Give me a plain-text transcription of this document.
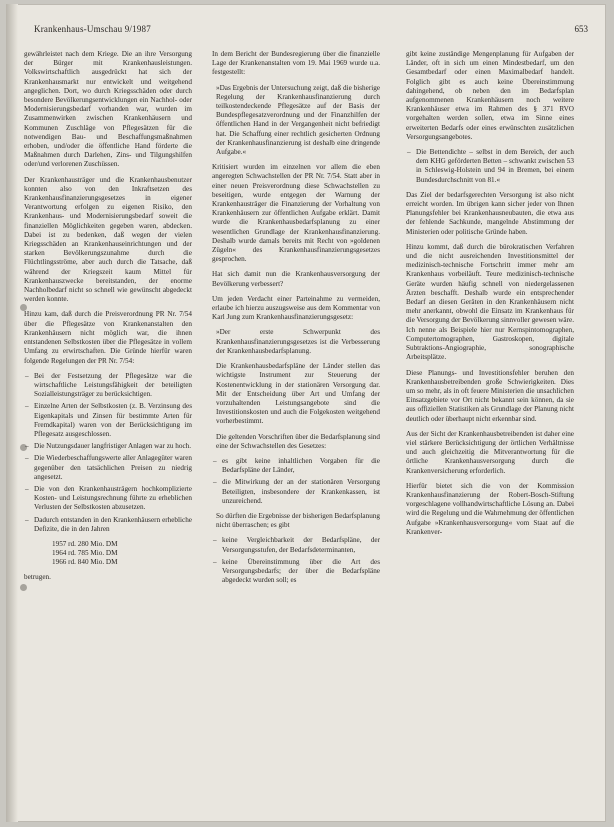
Krankenhaus-Umschau 9/1987	653

gewährleistet nach dem Kriege. Die an ihre Versorgung der Bürger mit Krankenhausleistungen. Volkswirtschaftlich ausgedrückt hat sich der Krankenhausmarkt nur entwickelt und weitgehend angeglichen. Dort, wo durch Kriegsschäden oder durch besondere Bevölkerungsentwicklungen ein Nachhol- oder Modernisierungsbedarf vorhanden war, wurden im Zusammenwirken zwischen Krankenhäusern und Kommunen Zuschläge von Pflegesätzen für die notwendigen Bau- und Beschaffungsmaßnahmen erhoben, und/oder die öffentliche Hand förderte die Maßnahmen durch Darlehen, Zins- und Tilgungshilfen oder/und verlorenen Zuschüssen.

Der Krankenhausträger und die Krankenhausbenutzer konnten also von den Inkraftsetzen des Krankenhausfinanzierungsgesetzes in eigener Verantwortung erfolgen zu eigenen Risiko, den Krankenhaus- und Modernisierungsbedarf soweit die finanziellen Möglichkeiten gegeben waren, abdecken. Dabei ist zu bedenken, daß wegen der vielen Kriegsschäden an Krankenhauseinrichtungen und der starken Bevölkerungszunahme durch die Flüchtlingsströme, aber auch durch die Tatsache, daß während der Kriegszeit kaum Mittel für Krankenhauszwecke bereitstanden, der enorme Nachholbedarf nicht so schnell wie gewünscht abgedeckt werden konnte.

Hinzu kam, daß durch die Preisverordnung PR Nr. 7/54 über die Pflegesätze von Krankenanstalten den Krankenhäusern nicht möglich war, die ihnen entstandenen Selbstkosten über die Pflegesätze in vollem Umfang zu erwirtschaften. Die Gründe hierfür waren folgende Regelungen der PR Nr. 7/54:

– Bei der Festsetzung der Pflegesätze war die wirtschaftliche Leistungsfähigkeit der beteiligten Sozialleistungsträger zu berücksichtigen.
– Einzelne Arten der Selbstkosten (z. B. Verzinsung des Eigenkapitals und Zinsen für bestimmte Arten für Fremdkapital) waren von der Berücksichtigung im Pflegesatz ausgeschlossen.
– Die Nutzungsdauer langfristiger Anlagen war zu hoch.
– Die Wiederbeschaffungswerte aller Anlagegüter waren gegenüber den tatsächlichen Preisen zu niedrig angesetzt.
– Die von den Krankenhausträgern hochkomplizierte Kosten- und Leistungsrechnung führte zu erheblichen Verlusten der Selbstkosten abzusetzen.
– Dadurch entstanden in den Krankenhäusern erhebliche Defizite, die in den Jahren
1957 rd. 280 Mio. DM
1964 rd. 785 Mio. DM
1966 rd. 840 Mio. DM

betrugen.

In dem Bericht der Bundesregierung über die finanzielle Lage der Krankenanstalten vom 19. Mai 1969 wurde u.a. festgestellt:

»Das Ergebnis der Untersuchung zeigt, daß die bisherige Regelung der Krankenhausfinanzierung durch teilkostendeckende Pflegesätze auf der Basis der Bundespflegesatzverordnung und der Finanzhilfen der öffentlichen Hand in der Vergangenheit nicht befriedigt hat. Die Schaffung einer rechtlich gesicherten Ordnung der Krankenhausfinanzierung ist deshalb eine dringende Aufgabe.«

Kritisiert wurden im einzelnen vor allem die eben angeregten Schwachstellen der PR Nr. 7/54. Statt aber in einer neuen Preisverordnung diese Schwachstellen zu beseitigen, wurde entgegen der Warnung der Krankenhausträger die Finanzierung der Vorhaltung von Krankenhäusern zur öffentlichen Aufgabe erklärt. Damit wurde die Krankenhausbedarfsplanung zu einer wesentlichen Grundlage der Krankenhausfinanzierung. Deshalb wurde damals bereits mit Recht von »goldenen Zügeln« des Krankenhausfinanzierungsgesetzes gesprochen.

Hat sich damit nun die Krankenhausversorgung der Bevölkerung verbessert?

Um jeden Verdacht einer Parteinahme zu vermeiden, erlaube ich hierzu auszugsweise aus dem Kommentar von Karl Jung zum Krankenhausfinanzierungsgesetz:

»Der erste Schwerpunkt des Krankenhausfinanzierungsgesetzes ist die Verbesserung der Krankenhausbedarfsplanung.

Die Krankenhausbedarfspläne der Länder stellen das wichtigste Instrument zur Steuerung der Kostenentwicklung in der stationären Versorgung dar. Mit der Entscheidung über Art und Umfang der vorzuhaltenden Leistungsangebote sind die Investitionskosten und auch die Folgekosten weitgehend vorherbestimmt.

Die geltenden Vorschriften über die Bedarfsplanung sind eine der Schwachstellen des Gesetzes:

– es gibt keine inhaltlichen Vorgaben für die Bedarfspläne der Länder,
– die Mitwirkung der an der stationären Versorgung Beteiligten, insbesondere der Krankenkassen, ist unzureichend.

So dürften die Ergebnisse der bisherigen Bedarfsplanung nicht überraschen; es gibt

– keine Vergleichbarkeit der Bedarfspläne, der Versorgungsstufen, der Bedarfsdeterminanten,
– keine Übereinstimmung über die Art des Versorgungsbedarfs; der über die Bedarfspläne abgedeckt wurden soll; es

gibt keine zuständige Mengenplanung für Aufgaben der Länder, oft in sich um einen Mindestbedarf, um den Gesamtbedarf oder einen Maximalbedarf handelt. Folglich gibt es auch keine Übereinstimmung dahingehend, ob neben den im Bedarfsplan aufgenommenen Krankenhäusern noch weitere Krankenhäuser etwa im Rahmen des § 371 RVO vorgehalten werden sollen, etwa im Sinne eines erweiterten Bedarfs oder eines erwünschten zusätzlichen Versorgungsangebotes.

– Die Bettendichte – selbst in dem Bereich, der auch dem KHG geförderten Betten – schwankt zwischen 53 in Schleswig-Holstein und 94 in Bremen, bei einem Bundesdurchschnitt von 81.«

Das Ziel der bedarfsgerechten Versorgung ist also nicht erreicht worden. Im übrigen kann sicher jeder von Ihnen Planungsfehler bei Krankenhausneubauten, die etwa aus der fehlende Sachkunde, mangelnde Abstimmung der Ministerien oder politische Gründe haben.

Hinzu kommt, daß durch die bürokratischen Verfahren und die nicht ausreichenden Investitionsmittel der medizinisch-technische Fortschritt immer mehr am Krankenhaus vorbeiläuft. Teure medizinisch-technische Geräte wurden häufig schnell von niedergelassenen Ärzten beschafft. Deshalb wurde ein entsprechender Bedarf an diesen Geräten in den Krankenhäusern nicht mehr anerkannt, obwohl die Einsatz im Krankenhaus für die Versorgung der Bevölkerung sinnvoller gewesen wäre. Ich nenne als Beispiele hier nur Kernspintomographen, Computertomographen, Gastroskopen, digitale Subtraktions-Angiographie, sonographische Arbeitsplätze.

Diese Planungs- und Investitionsfehler beruhen den Krankenhausbetreibenden große Schwierigkeiten. Dies um so mehr, als in oft feuere Ministerien die unsachlichen Einsatzgebiete vor Ort nicht bekannt sein können, da sie aus offiziellen Statistiken als Grundlage der Planung nicht deutlich oder überhaupt nicht erkennbar sind.

Aus der Sicht der Krankenhausbetreibenden ist daher eine viel stärkere Berücksichtigung der örtlichen Verhältnisse und auch gleichzeitig die Mitverantwortung für die örtliche Krankenhausversorgung durch die Krankenversicherung erforderlich.

Hierfür bietet sich die von der Kommission Krankenhausfinanzierung der Robert-Bosch-Stiftung vorgeschlagene vollhandwirtschaftliche Lösung an. Dabei wird die Regelung und die Wahrnehmung der öffentlichen Aufgabe »Krankenhausversorgung« vom Staat auf die Krankenver-
